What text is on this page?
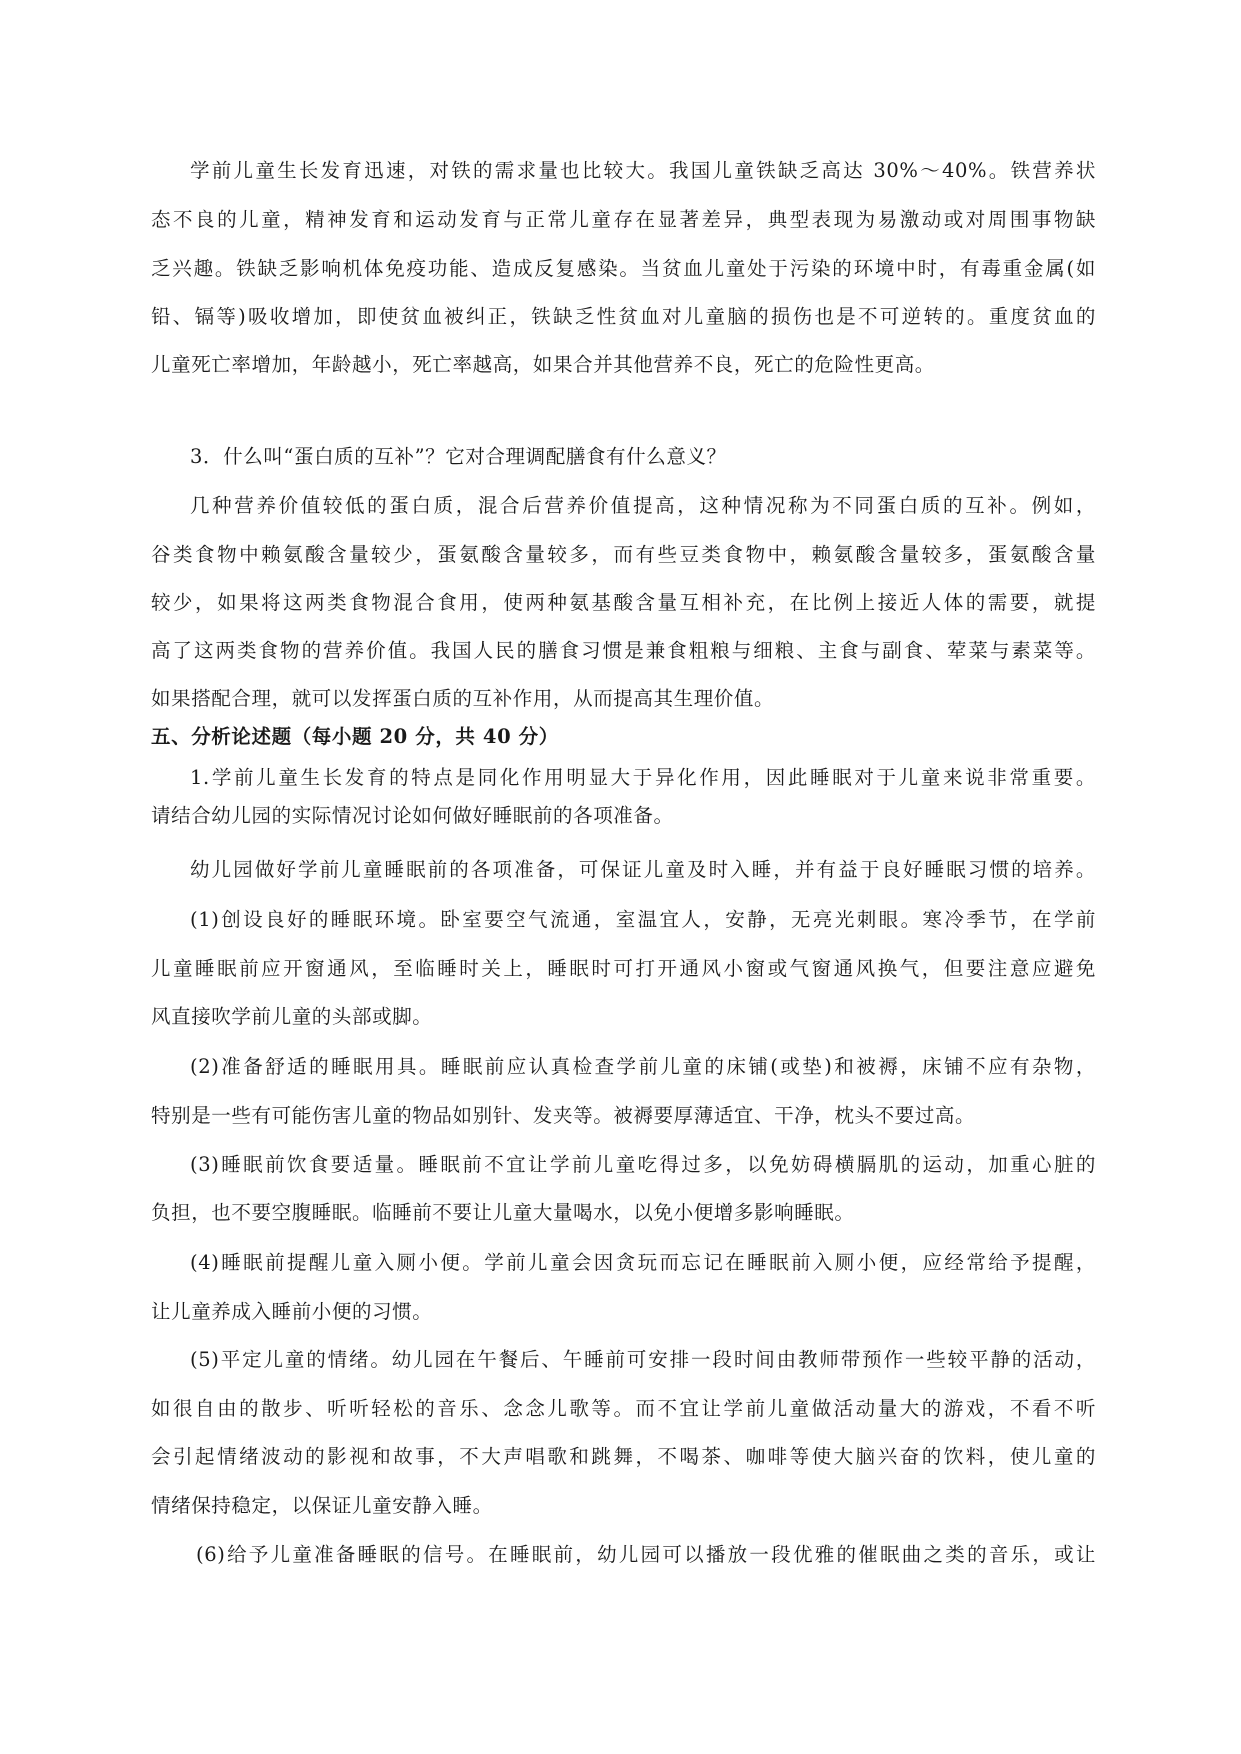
学前儿童生长发育迅速，对铁的需求量也比较大。我国儿童铁缺乏高达 30%～40%。铁营养状
态不良的儿童，精神发育和运动发育与正常儿童存在显著差异，典型表现为易激动或对周围事物缺
乏兴趣。铁缺乏影响机体免疫功能、造成反复感染。当贫血儿童处于污染的环境中时，有毒重金属(如
铅、镉等)吸收增加，即使贫血被纠正，铁缺乏性贫血对儿童脑的损伤也是不可逆转的。重度贫血的
儿童死亡率增加，年龄越小，死亡率越高，如果合并其他营养不良，死亡的危险性更高。
3．什么叫“蛋白质的互补”？它对合理调配膳食有什么意义？
几种营养价值较低的蛋白质，混合后营养价值提高，这种情况称为不同蛋白质的互补。例如，
谷类食物中赖氨酸含量较少，蛋氨酸含量较多，而有些豆类食物中，赖氨酸含量较多，蛋氨酸含量
较少，如果将这两类食物混合食用，使两种氨基酸含量互相补充，在比例上接近人体的需要，就提
高了这两类食物的营养价值。我国人民的膳食习惯是兼食粗粮与细粮、主食与副食、荤菜与素菜等。
如果搭配合理，就可以发挥蛋白质的互补作用，从而提高其生理价值。
五、分析论述题（每小题 20 分，共 40 分）
1.学前儿童生长发育的特点是同化作用明显大于异化作用，因此睡眠对于儿童来说非常重要。
请结合幼儿园的实际情况讨论如何做好睡眠前的各项准备。
幼儿园做好学前儿童睡眠前的各项准备，可保证儿童及时入睡，并有益于良好睡眠习惯的培养。
(1)创设良好的睡眠环境。卧室要空气流通，室温宜人，安静，无亮光刺眼。寒冷季节，在学前
儿童睡眠前应开窗通风，至临睡时关上，睡眠时可打开通风小窗或气窗通风换气，但要注意应避免
风直接吹学前儿童的头部或脚。
(2)准备舒适的睡眠用具。睡眠前应认真检查学前儿童的床铺(或垫)和被褥，床铺不应有杂物，
特别是一些有可能伤害儿童的物品如别针、发夹等。被褥要厚薄适宜、干净，枕头不要过高。
(3)睡眠前饮食要适量。睡眠前不宜让学前儿童吃得过多，以免妨碍横膈肌的运动，加重心脏的
负担，也不要空腹睡眠。临睡前不要让儿童大量喝水，以免小便增多影响睡眠。
(4)睡眠前提醒儿童入厕小便。学前儿童会因贪玩而忘记在睡眠前入厕小便，应经常给予提醒，
让儿童养成入睡前小便的习惯。
(5)平定儿童的情绪。幼儿园在午餐后、午睡前可安排一段时间由教师带预作一些较平静的活动，
如很自由的散步、听听轻松的音乐、念念儿歌等。而不宜让学前儿童做活动量大的游戏，不看不听
会引起情绪波动的影视和故事，不大声唱歌和跳舞，不喝茶、咖啡等使大脑兴奋的饮料，使儿童的
情绪保持稳定，以保证儿童安静入睡。
(6)给予儿童准备睡眠的信号。在睡眠前，幼儿园可以播放一段优雅的催眠曲之类的音乐，或让
